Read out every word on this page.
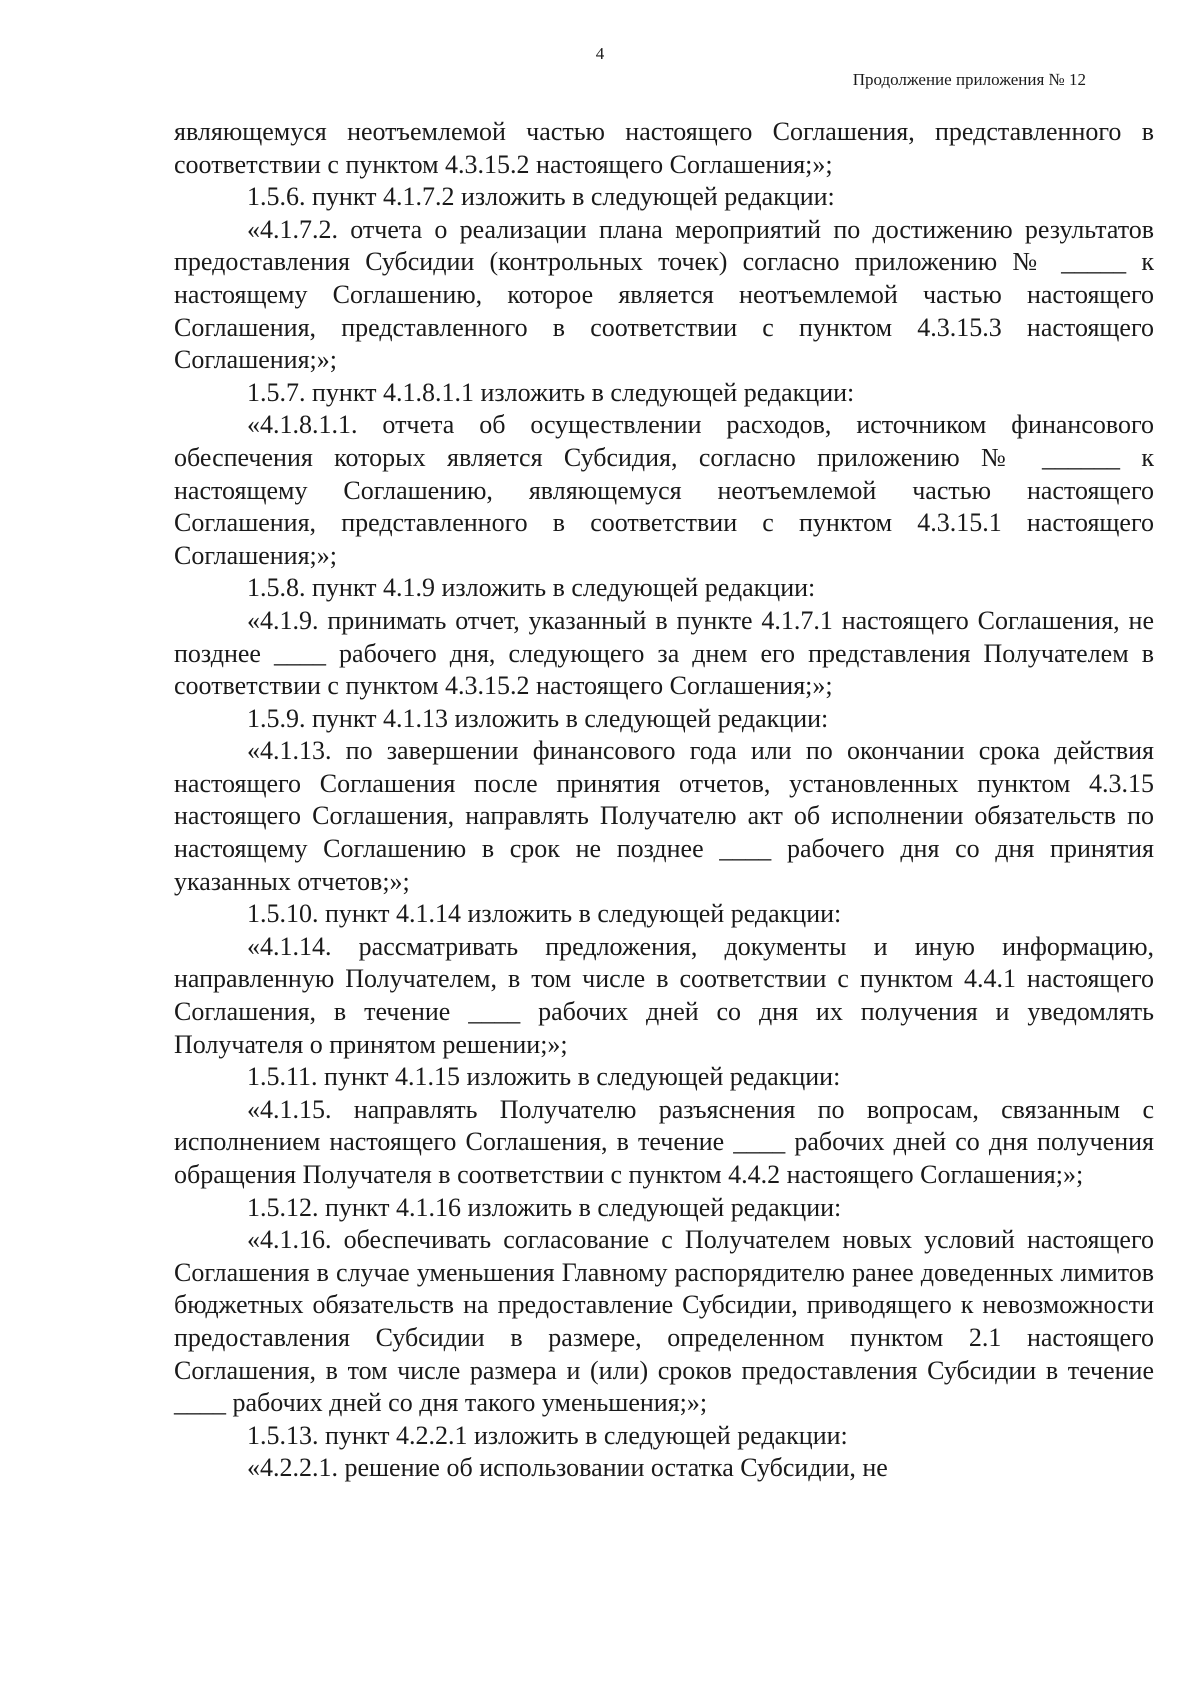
4
Продолжение приложения № 12

являющемуся неотъемлемой частью настоящего Соглашения, представленного в соответствии с пунктом 4.3.15.2 настоящего Соглашения;»;

1.5.6. пункт 4.1.7.2 изложить в следующей редакции:

«4.1.7.2. отчета о реализации плана мероприятий по достижению результатов предоставления Субсидии (контрольных точек) согласно приложению № _____ к настоящему Соглашению, которое является неотъемлемой частью настоящего Соглашения, представленного в соответствии с пунктом 4.3.15.3 настоящего Соглашения;»;

1.5.7. пункт 4.1.8.1.1 изложить в следующей редакции:

«4.1.8.1.1. отчета об осуществлении расходов, источником финансового обеспечения которых является Субсидия, согласно приложению № ______ к настоящему Соглашению, являющемуся неотъемлемой частью настоящего Соглашения, представленного в соответствии с пунктом 4.3.15.1 настоящего Соглашения;»;

1.5.8. пункт 4.1.9 изложить в следующей редакции:

«4.1.9. принимать отчет, указанный в пункте 4.1.7.1 настоящего Соглашения, не позднее ____ рабочего дня, следующего за днем его представления Получателем в соответствии с пунктом 4.3.15.2 настоящего Соглашения;»;

1.5.9. пункт 4.1.13 изложить в следующей редакции:

«4.1.13. по завершении финансового года или по окончании срока действия настоящего Соглашения после принятия отчетов, установленных пунктом 4.3.15 настоящего Соглашения, направлять Получателю акт об исполнении обязательств по настоящему Соглашению в срок не позднее ____ рабочего дня со дня принятия указанных отчетов;»;

1.5.10. пункт 4.1.14 изложить в следующей редакции:

«4.1.14. рассматривать предложения, документы и иную информацию, направленную Получателем, в том числе в соответствии с пунктом 4.4.1 настоящего Соглашения, в течение ____ рабочих дней со дня их получения и уведомлять Получателя о принятом решении;»;

1.5.11. пункт 4.1.15 изложить в следующей редакции:

«4.1.15. направлять Получателю разъяснения по вопросам, связанным с исполнением настоящего Соглашения, в течение ____ рабочих дней со дня получения обращения Получателя в соответствии с пунктом 4.4.2 настоящего Соглашения;»;

1.5.12. пункт 4.1.16 изложить в следующей редакции:

«4.1.16. обеспечивать согласование с Получателем новых условий настоящего Соглашения в случае уменьшения Главному распорядителю ранее доведенных лимитов бюджетных обязательств на предоставление Субсидии, приводящего к невозможности предоставления Субсидии в размере, определенном пунктом 2.1 настоящего Соглашения, в том числе размера и (или) сроков предоставления Субсидии в течение ____ рабочих дней со дня такого уменьшения;»;

1.5.13. пункт 4.2.2.1 изложить в следующей редакции:

«4.2.2.1. решение об использовании остатка Субсидии, не
